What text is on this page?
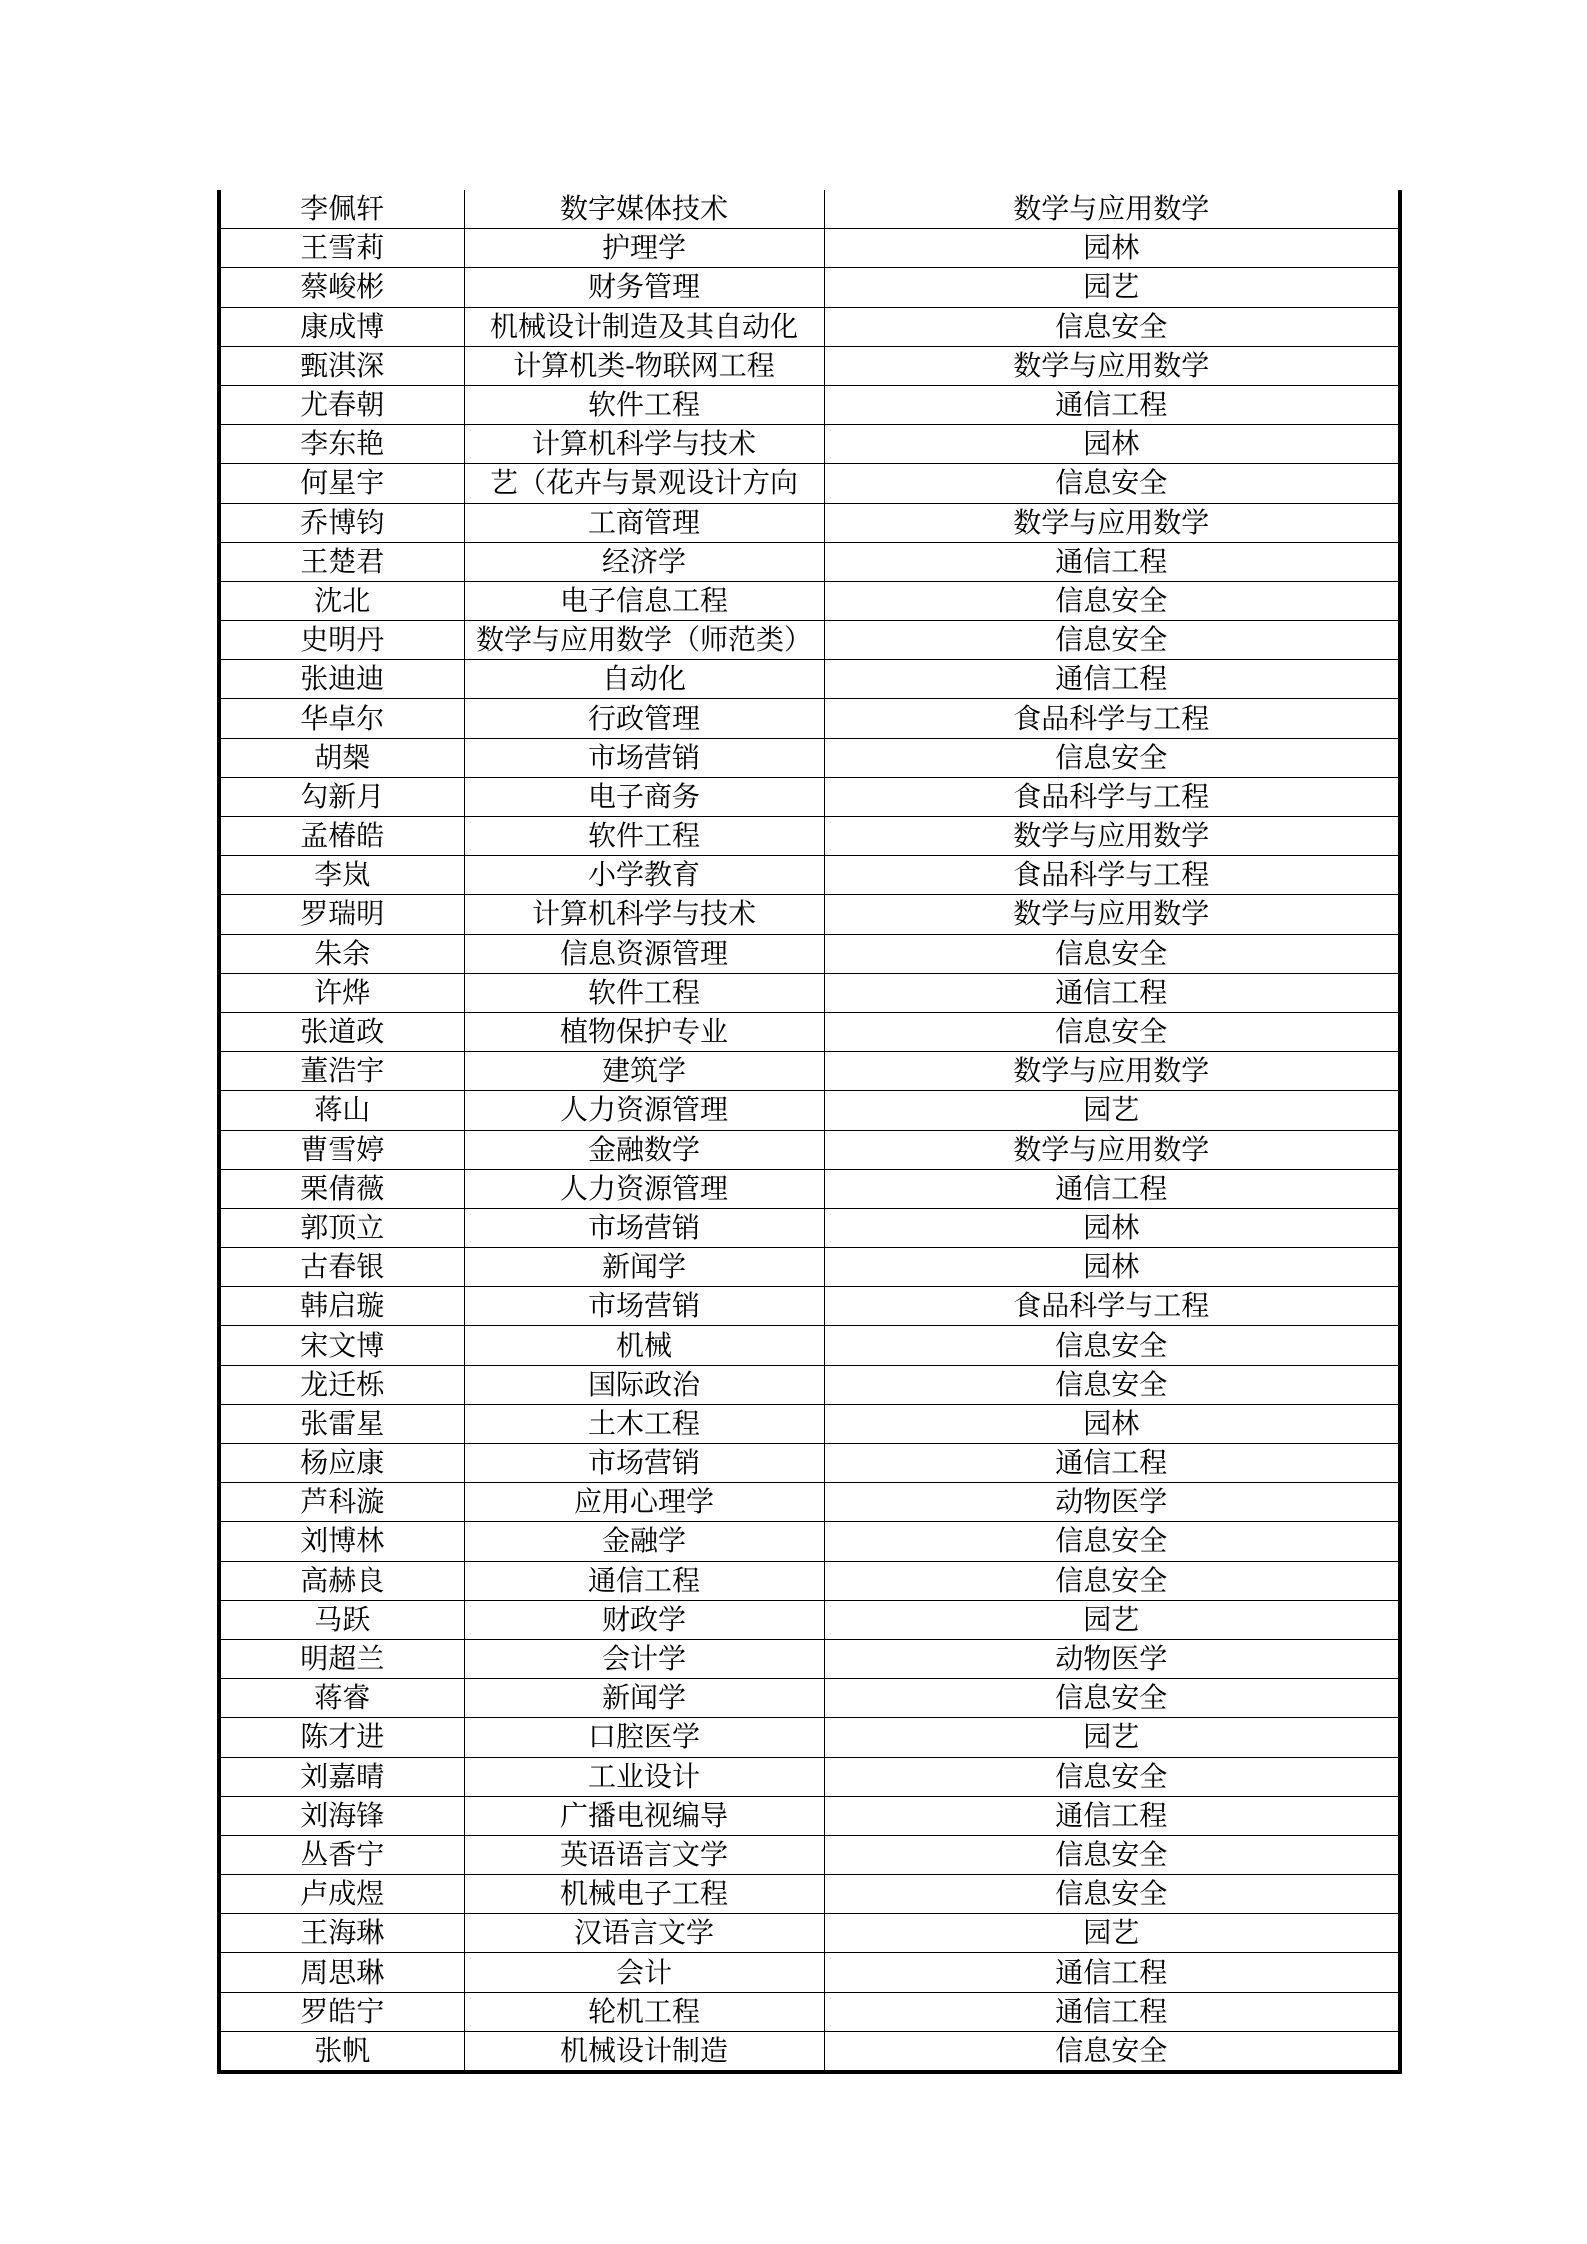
李佩轩	数字媒体技术	数学与应用数学
王雪莉	护理学	园林
蔡峻彬	财务管理	园艺
康成博	机械设计制造及其自动化	信息安全
甄淇深	计算机类-物联网工程	数学与应用数学
尤春朝	软件工程	通信工程
李东艳	计算机科学与技术	园林
何星宇	艺（花卉与景观设计方向	信息安全
乔博钧	工商管理	数学与应用数学
王楚君	经济学	通信工程
沈北	电子信息工程	信息安全
史明丹	数学与应用数学（师范类）	信息安全
张迪迪	自动化	通信工程
华卓尔	行政管理	食品科学与工程
胡椝	市场营销	信息安全
勾新月	电子商务	食品科学与工程
孟椿皓	软件工程	数学与应用数学
李岚	小学教育	食品科学与工程
罗瑞明	计算机科学与技术	数学与应用数学
朱余	信息资源管理	信息安全
许烨	软件工程	通信工程
张道政	植物保护专业	信息安全
董浩宇	建筑学	数学与应用数学
蒋山	人力资源管理	园艺
曹雪婷	金融数学	数学与应用数学
栗倩薇	人力资源管理	通信工程
郭顶立	市场营销	园林
古春银	新闻学	园林
韩启璇	市场营销	食品科学与工程
宋文博	机械	信息安全
龙迁栎	国际政治	信息安全
张雷星	土木工程	园林
杨应康	市场营销	通信工程
芦科漩	应用心理学	动物医学
刘博林	金融学	信息安全
高赫良	通信工程	信息安全
马跃	财政学	园艺
明超兰	会计学	动物医学
蒋睿	新闻学	信息安全
陈才进	口腔医学	园艺
刘嘉晴	工业设计	信息安全
刘海锋	广播电视编导	通信工程
丛香宁	英语语言文学	信息安全
卢成煜	机械电子工程	信息安全
王海琳	汉语言文学	园艺
周思琳	会计	通信工程
罗皓宁	轮机工程	通信工程
张帆	机械设计制造	信息安全
